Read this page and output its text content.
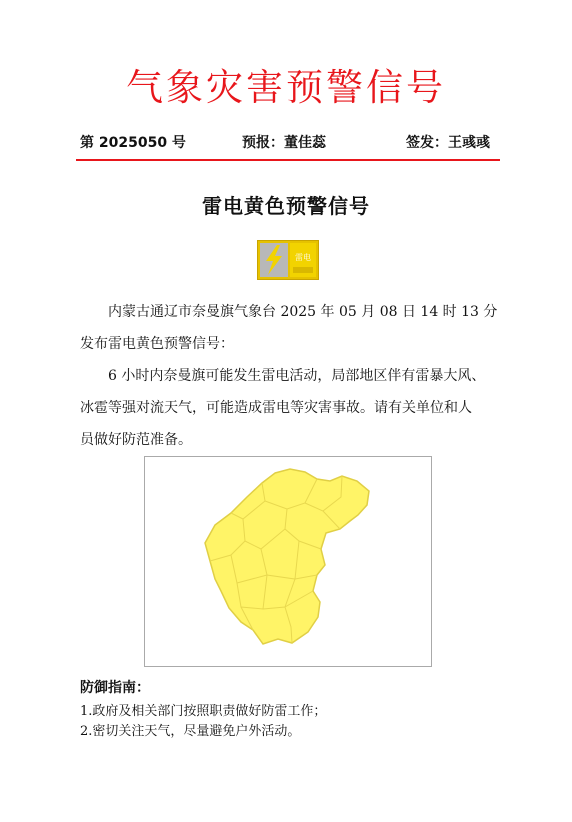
气象灾害预警信号
第 2025050 号	预报：董佳蕊	签发：王彧彧
雷电黄色预警信号
雷电
内蒙古通辽市奈曼旗气象台 2025 年 05 月 08 日 14 时 13 分
发布雷电黄色预警信号：
6 小时内奈曼旗可能发生雷电活动，局部地区伴有雷暴大风、
冰雹等强对流天气，可能造成雷电等灾害事故。请有关单位和人
员做好防范准备。
防御指南：
1.政府及相关部门按照职责做好防雷工作；
2.密切关注天气，尽量避免户外活动。
